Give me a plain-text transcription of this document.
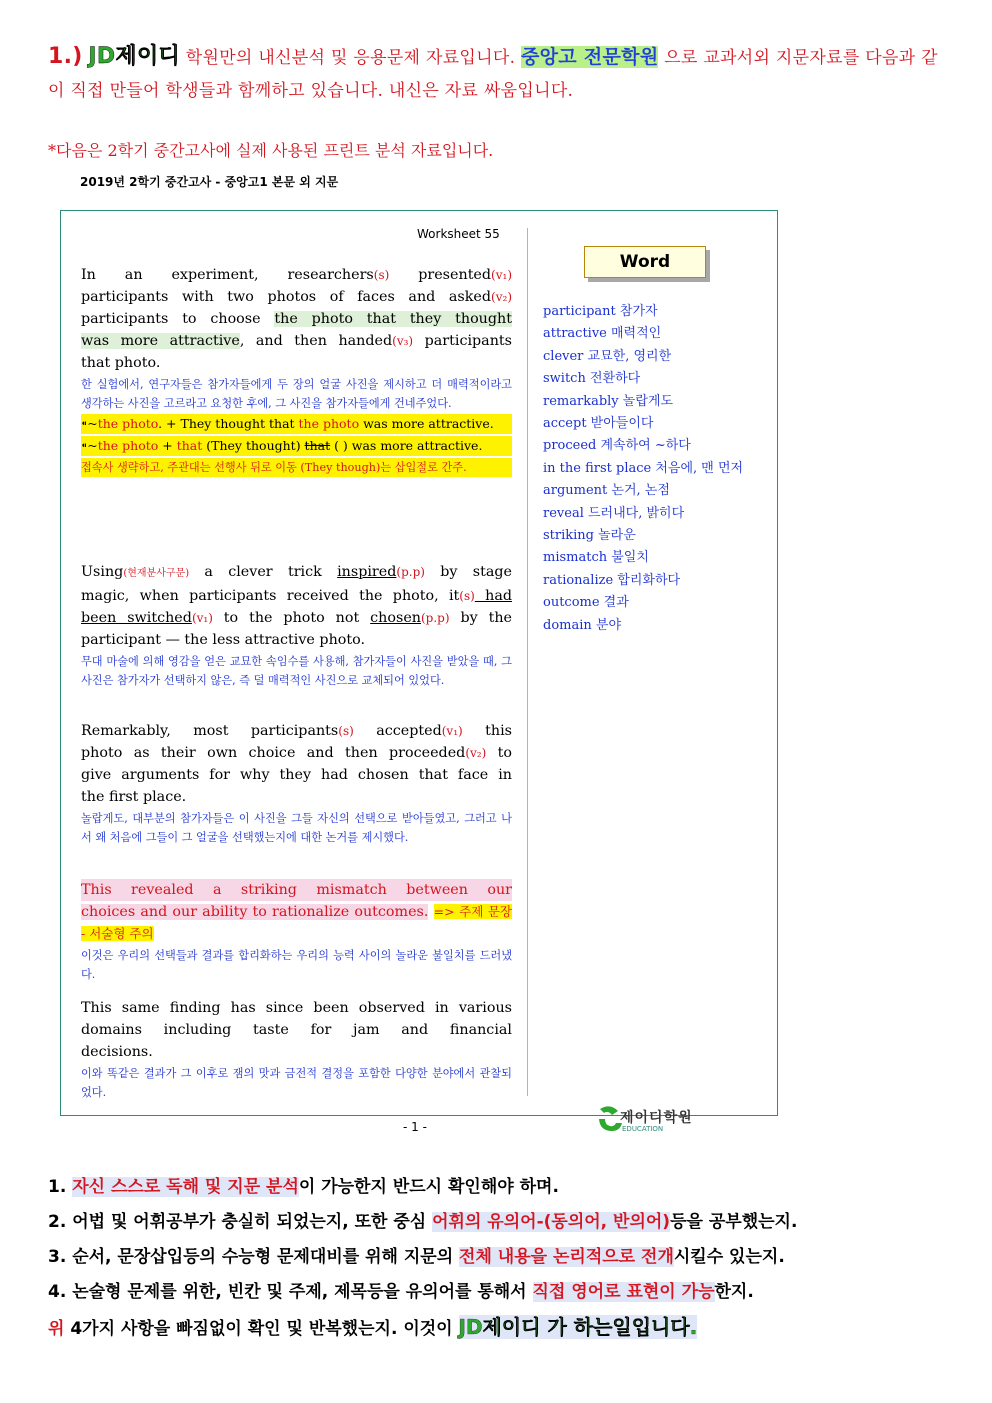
1.) JD제이디 학원만의 내신분석 및 응용문제 자료입니다. 중앙고 전문학원 으로 교과서외 지문자료를 다음과 같이 직접 만들어 학생들과 함께하고 있습니다. 내신은 자료 싸움입니다.
*다음은 2학기 중간고사에 실제 사용된 프린트 분석 자료입니다.
2019년 2학기 중간고사 - 중앙고1 본문 외 지문
Worksheet 55
In an experiment, researchers(s) presented(v₁)
participants with two photos of faces and asked(v₂)
participants to choose the photo that they thought
was more attractive, and then handed(v₃) participants
that photo.
한 실험에서, 연구자들은 참가자들에게 두 장의 얼굴 사진을 제시하고 더 매력적이라고 생각하는 사진을 고르라고 요청한 후에, 그 사진을 참가자들에게 건네주었다.
⁌~the photo. + They thought that the photo was more attractive.
⁌~the photo + that (They thought) that ( ) was more attractive.
접속사 생략하고, 주관대는 선행사 뒤로 이동 (They though)는 삽입절로 간주.
Using(현재분사구문) a clever trick inspired(p.p) by stage
magic, when participants received the photo, it(s) had
been switched(v₁) to the photo not chosen(p.p) by the
participant — the less attractive photo.
무대 마술에 의해 영감을 얻은 교묘한 속임수를 사용해, 참가자들이 사진을 받았을 때, 그 사진은 참가자가 선택하지 않은, 즉 덜 매력적인 사진으로 교체되어 있었다.
Remarkably, most participants(s) accepted(v₁) this
photo as their own choice and then proceeded(v₂) to
give arguments for why they had chosen that face in
the first place.
놀랍게도, 대부분의 참가자들은 이 사진을 그들 자신의 선택으로 받아들였고, 그러고 나서 왜 처음에 그들이 그 얼굴을 선택했는지에 대한 논거를 제시했다.
This revealed a striking mismatch between our
choices and our ability to rationalize outcomes. => 주제 문장 - 서술형 주의
이것은 우리의 선택들과 결과를 합리화하는 우리의 능력 사이의 놀라운 불일치를 드러냈다.
This same finding has since been observed in various
domains including taste for jam and financial
decisions.
이와 똑같은 결과가 그 이후로 잼의 맛과 금전적 결정을 포함한 다양한 분야에서 관찰되었다.
Word
participant 참가자
attractive 매력적인
clever 교묘한, 영리한
switch 전환하다
remarkably 놀랍게도
accept 받아들이다
proceed 계속하여 ~하다
in the first place 처음에, 맨 먼저
argument 논거, 논점
reveal 드러내다, 밝히다
striking 놀라운
mismatch 불일치
rationalize 합리화하다
outcome 결과
domain 분야
- 1 -
제이디학원
EDUCATION
1. 자신 스스로 독해 및 지문 분석이 가능한지 반드시 확인해야 하며.
2. 어법 및 어휘공부가 충실히 되었는지, 또한 중심 어휘의 유의어-(동의어, 반의어)등을 공부했는지.
3. 순서, 문장삽입등의 수능형 문제대비를 위해 지문의 전체 내용을 논리적으로 전개시킬수 있는지.
4. 논술형 문제를 위한, 빈칸 및 주제, 제목등을 유의어를 통해서 직접 영어로 표현이 가능한지.
위 4가지 사항을 빠짐없이 확인 및 반복했는지. 이것이 JD제이디 가 하는일입니다.
